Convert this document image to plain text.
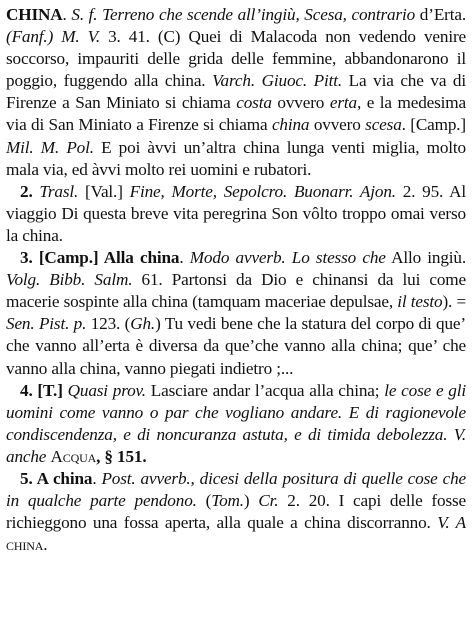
CHINA. S. f. Terreno che scende all’ingiù, Scesa, contrario d’Erta. (Fanf.) M. V. 3. 41. (C) Quei di Malacoda non vedendo venire soccorso, impauriti delle grida delle femmine, abbandonarono il poggio, fuggendo alla china. Varch. Giuoc. Pitt. La via che va di Firenze a San Miniato si chiama costa ovvero erta, e la medesima via di San Miniato a Firenze si chiama china ovvero scesa. [Camp.] Mil. M. Pol. E poi àvvi un’altra china lunga venti miglia, molto mala via, ed àvvi molto rei uomini e rubatori.

2. Trasl. [Val.] Fine, Morte, Sepolcro. Buonarr. Ajon. 2. 95. Al viaggio Di questa breve vita peregrina Son vôlto troppo omai verso la china.

3. [Camp.] Alla china. Modo avverb. Lo stesso che Allo ingiù. Volg. Bibb. Salm. 61. Partonsi da Dio e chinansi da lui come macerie sospinte alla china (tamquam maceriae depulsae, il testo). = Sen. Pist. p. 123. (Gh.) Tu vedi bene che la statura del corpo di que’ che vanno all’erta è diversa da que’che vanno alla china; que’ che vanno alla china, vanno piegati indietro ;...

4. [T.] Quasi prov. Lasciare andar l’acqua alla china; le cose e gli uomini come vanno o par che vogliano andare. E di ragionevole condiscendenza, e di noncuranza astuta, e di timida debolezza. V. anche Acqua, § 151.

5. A china. Post. avverb., dicesi della positura di quelle cose che in qualche parte pendono. (Tom.) Cr. 2. 20. I capi delle fosse richieggono una fossa aperta, alla quale a china discorranno. V. A china.
